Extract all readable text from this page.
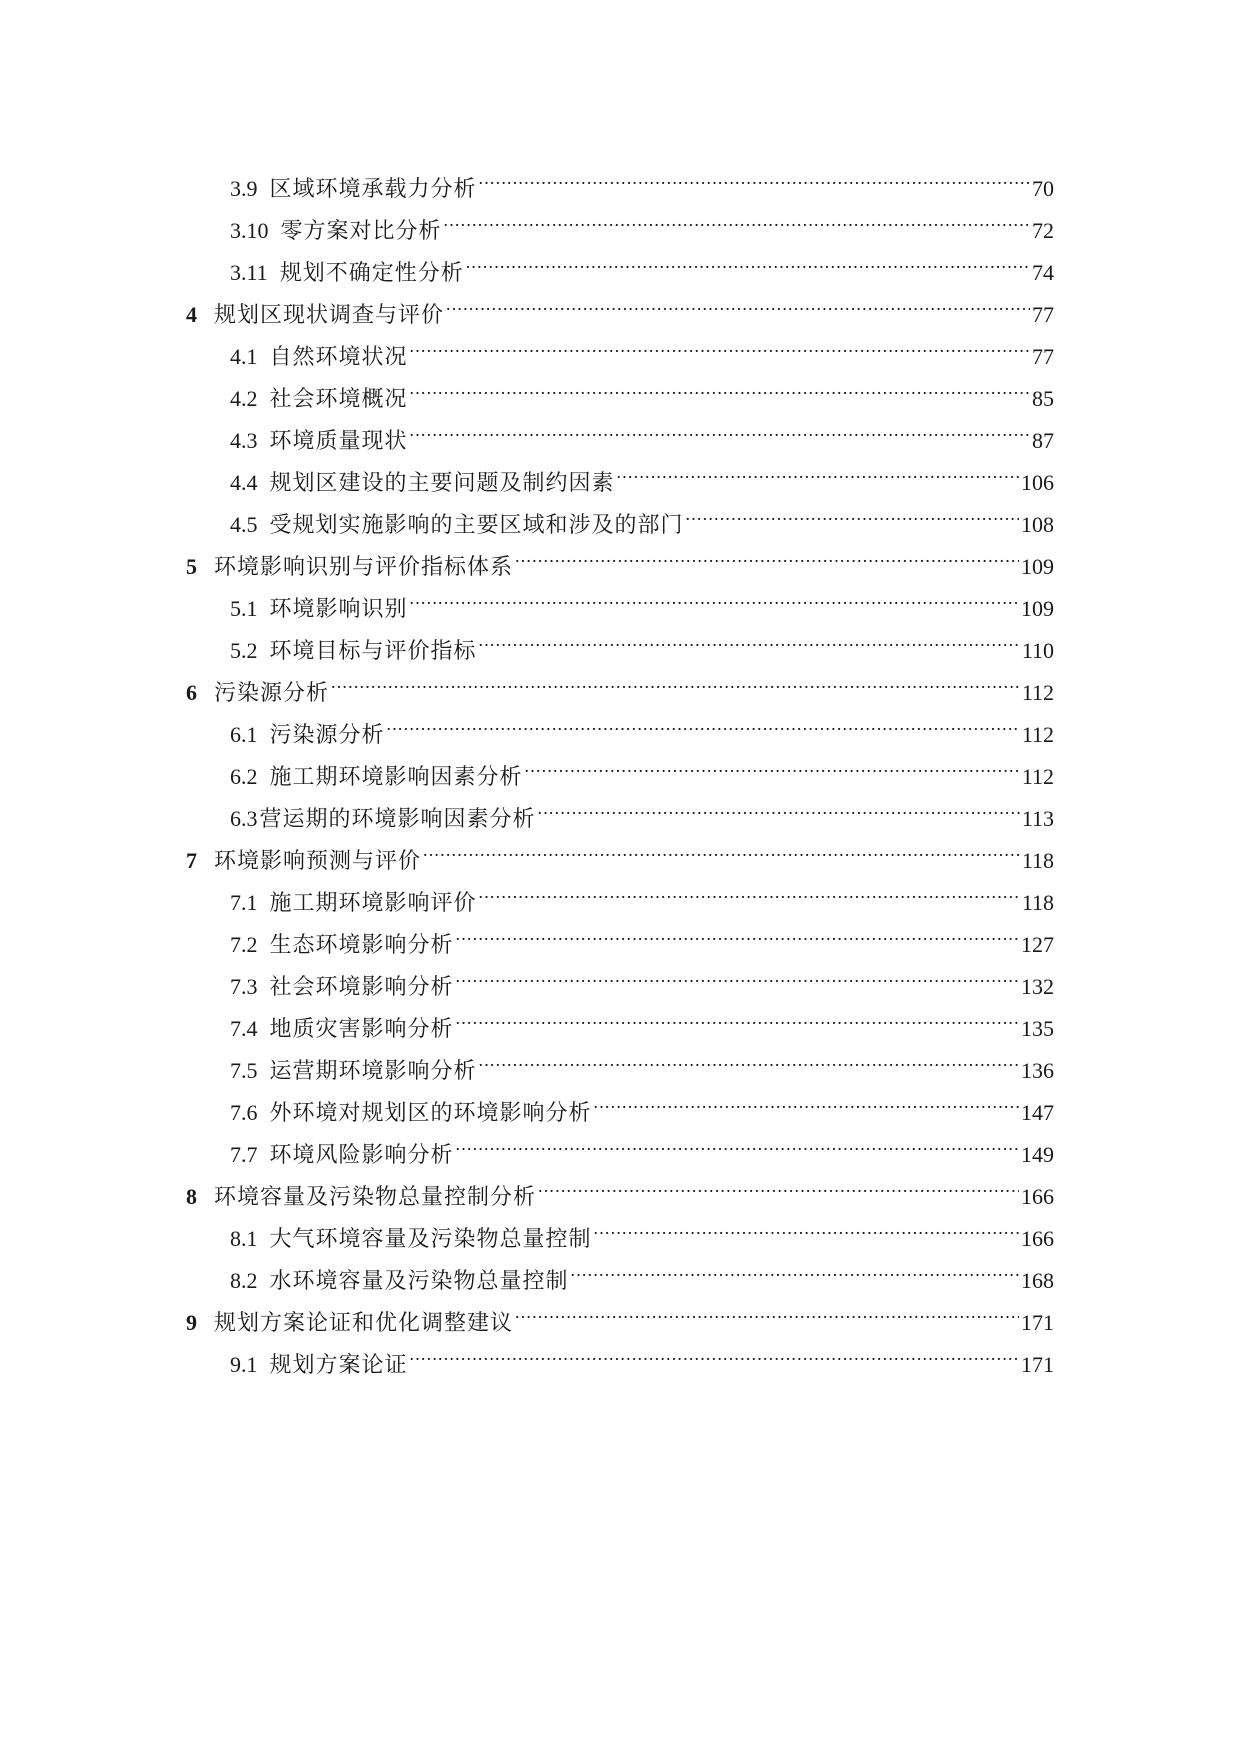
3.9 区域环境承载力分析 .....	70
3.10 零方案对比分析 .....	72
3.11 规划不确定性分析 .....	74
4 规划区现状调查与评价 .....	77
4.1 自然环境状况 .....	77
4.2 社会环境概况 .....	85
4.3 环境质量现状 .....	87
4.4 规划区建设的主要问题及制约因素 .....	106
4.5 受规划实施影响的主要区域和涉及的部门 .....	108
5 环境影响识别与评价指标体系 .....	109
5.1 环境影响识别 .....	109
5.2 环境目标与评价指标 .....	110
6 污染源分析 .....	112
6.1 污染源分析 .....	112
6.2 施工期环境影响因素分析 .....	112
6.3 营运期的环境影响因素分析 .....	113
7 环境影响预测与评价 .....	118
7.1 施工期环境影响评价 .....	118
7.2 生态环境影响分析 .....	127
7.3 社会环境影响分析 .....	132
7.4 地质灾害影响分析 .....	135
7.5 运营期环境影响分析 .....	136
7.6 外环境对规划区的环境影响分析 .....	147
7.7 环境风险影响分析 .....	149
8 环境容量及污染物总量控制分析 .....	166
8.1 大气环境容量及污染物总量控制 .....	166
8.2 水环境容量及污染物总量控制 .....	168
9 规划方案论证和优化调整建议 .....	171
9.1 规划方案论证 .....	171
